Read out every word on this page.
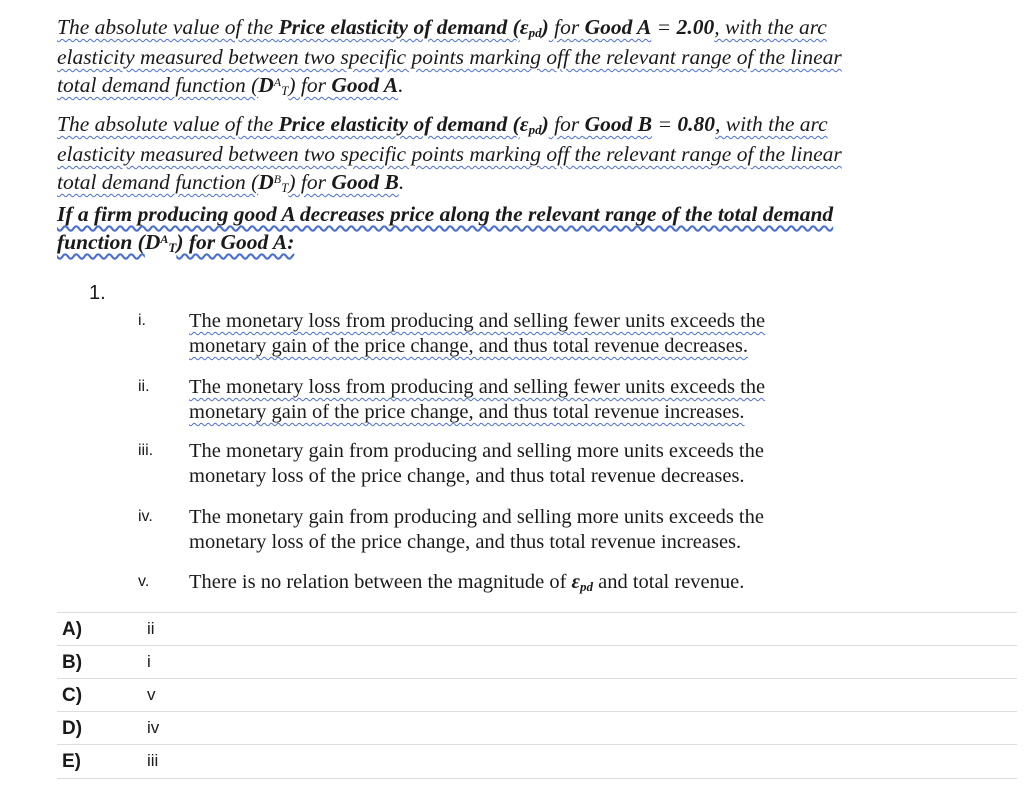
The absolute value of the Price elasticity of demand $(\varepsilon_{pd})$ for Good A = 2.00, with the arc elasticity measured between two specific points marking off the relevant range of the linear total demand function $(D^A_T)$ for Good A.
The absolute value of the Price elasticity of demand $(\varepsilon_{pd})$ for Good B = 0.80, with the arc elasticity measured between two specific points marking off the relevant range of the linear total demand function $(D^B_T)$ for Good B.
If a firm producing good A decreases price along the relevant range of the total demand function $(D^A_T)$ for Good A:
1.
i.	The monetary loss from producing and selling fewer units exceeds the monetary gain of the price change, and thus total revenue decreases.
ii.	The monetary loss from producing and selling fewer units exceeds the monetary gain of the price change, and thus total revenue increases.
iii.	The monetary gain from producing and selling more units exceeds the monetary loss of the price change, and thus total revenue decreases.
iv.	The monetary gain from producing and selling more units exceeds the monetary loss of the price change, and thus total revenue increases.
v.	There is no relation between the magnitude of $\varepsilon_{pd}$ and total revenue.
A)	ii
B)	i
C)	v
D)	iv
E)	iii
